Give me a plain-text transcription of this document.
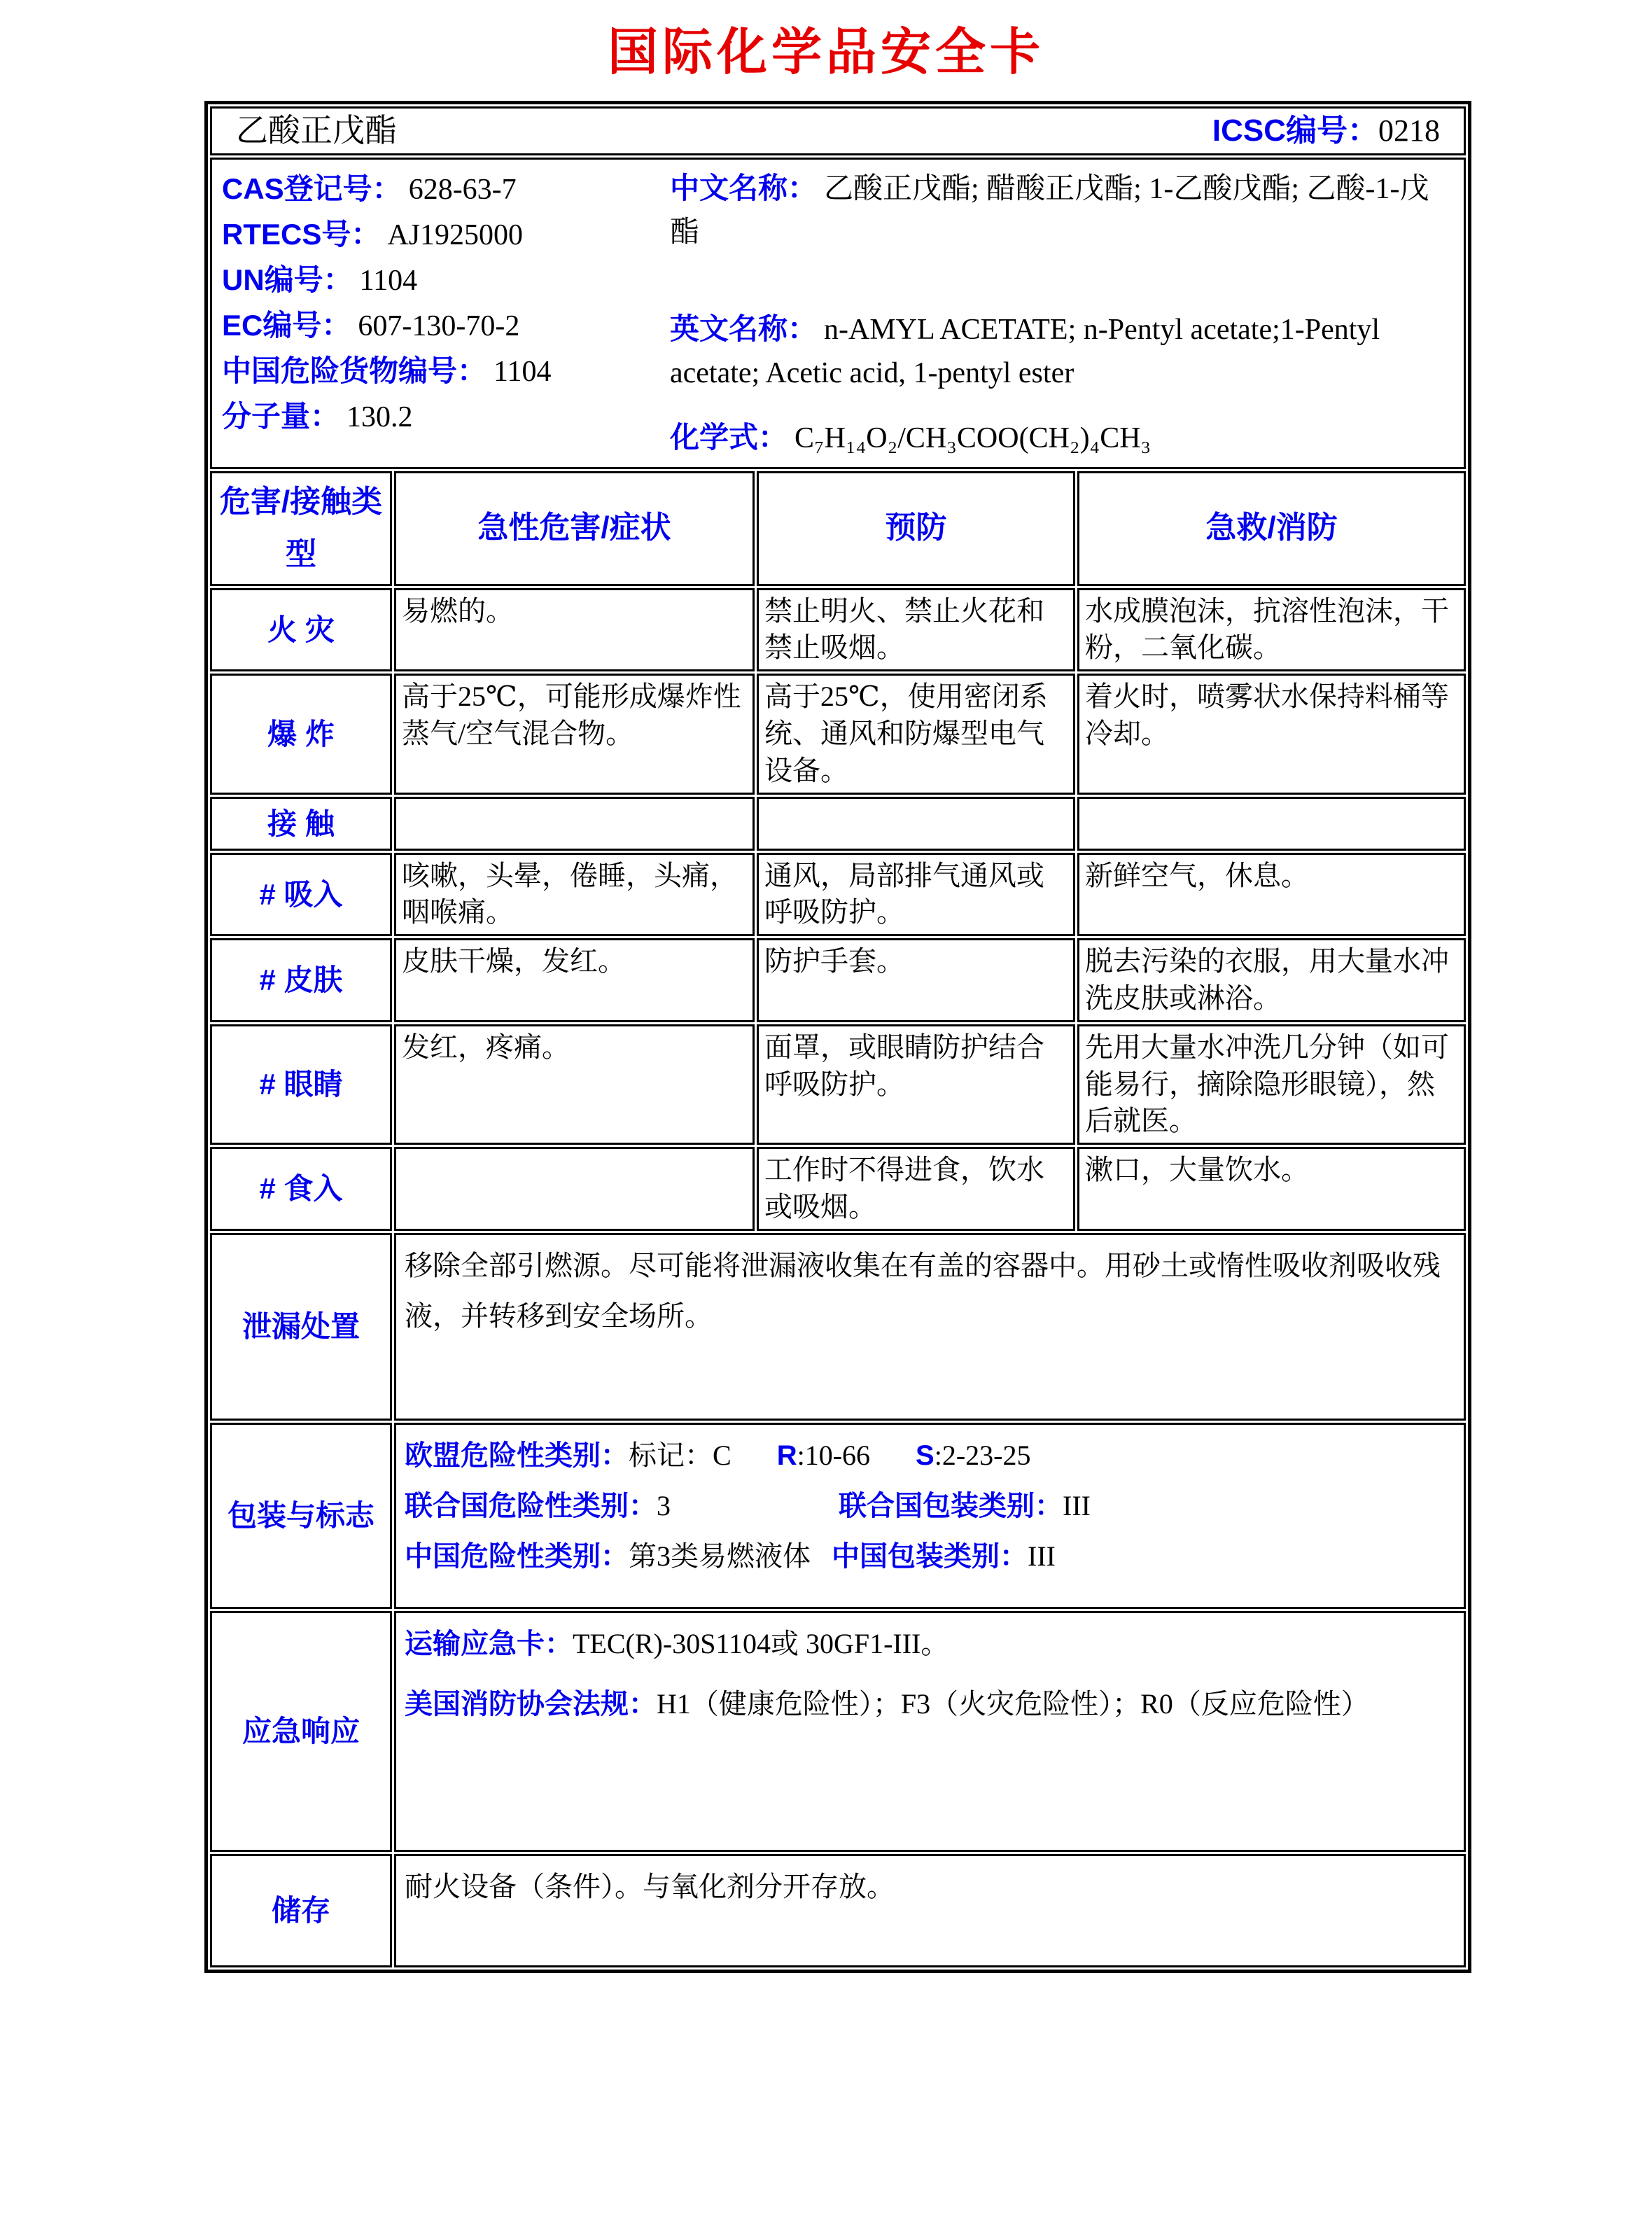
国际化学品安全卡
乙酸正戊酯 ICSC编号：0218			

CAS登记号： 628-63-7
RTECS号： AJ1925000
UN编号： 1104
EC编号： 607-130-70-2
中国危险货物编号： 1104
分子量： 130.2

中文名称： 乙酸正戊酯; 醋酸正戊酯; 1-乙酸戊酯; 乙酸-1-戊酯

英文名称： n-AMYL ACETATE; n-Pentyl acetate;1-Pentyl acetate; Acetic acid, 1-pentyl ester

化学式： C₇H₁₄O₂/CH₃COO(CH₂)₄CH₃

危害/接触类型	急性危害/症状	预防	急救/消防
火 灾	易燃的。	禁止明火、禁止火花和禁止吸烟。	水成膜泡沫，抗溶性泡沫，干粉，二氧化碳。
爆 炸	高于25℃，可能形成爆炸性蒸气/空气混合物。	高于25℃，使用密闭系统、通风和防爆型电气设备。	着火时，喷雾状水保持料桶等冷却。
接 触			
# 吸入	咳嗽，头晕，倦睡，头痛，咽喉痛。	通风，局部排气通风或呼吸防护。	新鲜空气，休息。
# 皮肤	皮肤干燥，发红。	防护手套。	脱去污染的衣服，用大量水冲洗皮肤或淋浴。
# 眼睛	发红，疼痛。	面罩，或眼睛防护结合呼吸防护。	先用大量水冲洗几分钟（如可能易行，摘除隐形眼镜），然后就医。
# 食入		工作时不得进食，饮水或吸烟。	漱口，大量饮水。
泄漏处置	移除全部引燃源。尽可能将泄漏液收集在有盖的容器中。用砂土或惰性吸收剂吸收残液，并转移到安全场所。		

包装与标志	欧盟危险性类别：标记：C R:10-66 S:2-23-25
联合国危险性类别：3 联合国包装类别：III
中国危险性类别：第3类易燃液体 中国包装类别：III		

应急响应	运输应急卡：TEC(R)-30S1104或 30GF1-III。

美国消防协会法规：H1（健康危险性）；F3（火灾危险性）；R0（反应危险性）		

储存	耐火设备（条件）。与氧化剂分开存放。		
